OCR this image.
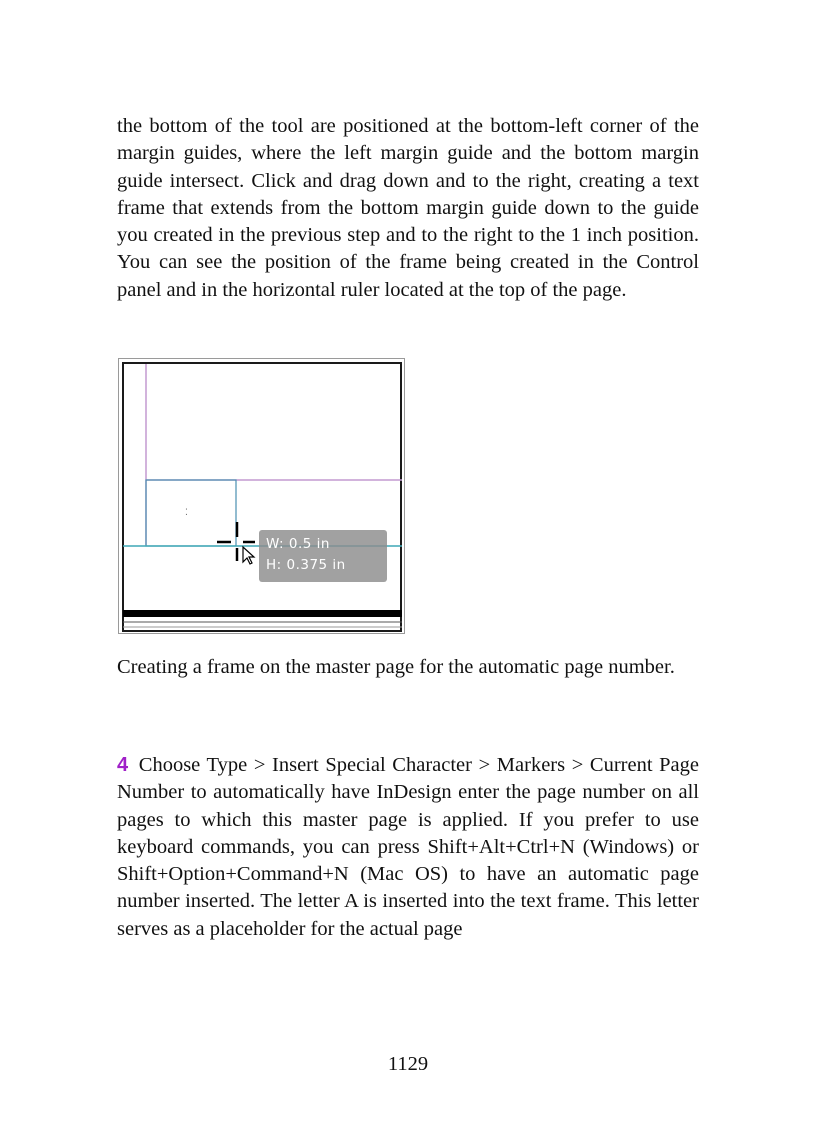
the bottom of the tool are positioned at the bottom-left corner of the margin guides, where the left margin guide and the bottom margin guide intersect. Click and drag down and to the right, creating a text frame that extends from the bottom margin guide down to the guide you created in the previous step and to the right to the 1 inch position. You can see the position of the frame being created in the Control panel and in the horizontal ruler located at the top of the page.

⁚
W: 0.5 in
H: 0.375 in

Creating a frame on the master page for the automatic page number.

4 Choose Type > Insert Special Character > Markers > Current Page Number to automatically have InDesign enter the page number on all pages to which this master page is applied. If you prefer to use keyboard commands, you can press Shift+Alt+Ctrl+N (Windows) or Shift+Option+Command+N (Mac OS) to have an automatic page number inserted. The letter A is inserted into the text frame. This letter serves as a placeholder for the actual page

1129
